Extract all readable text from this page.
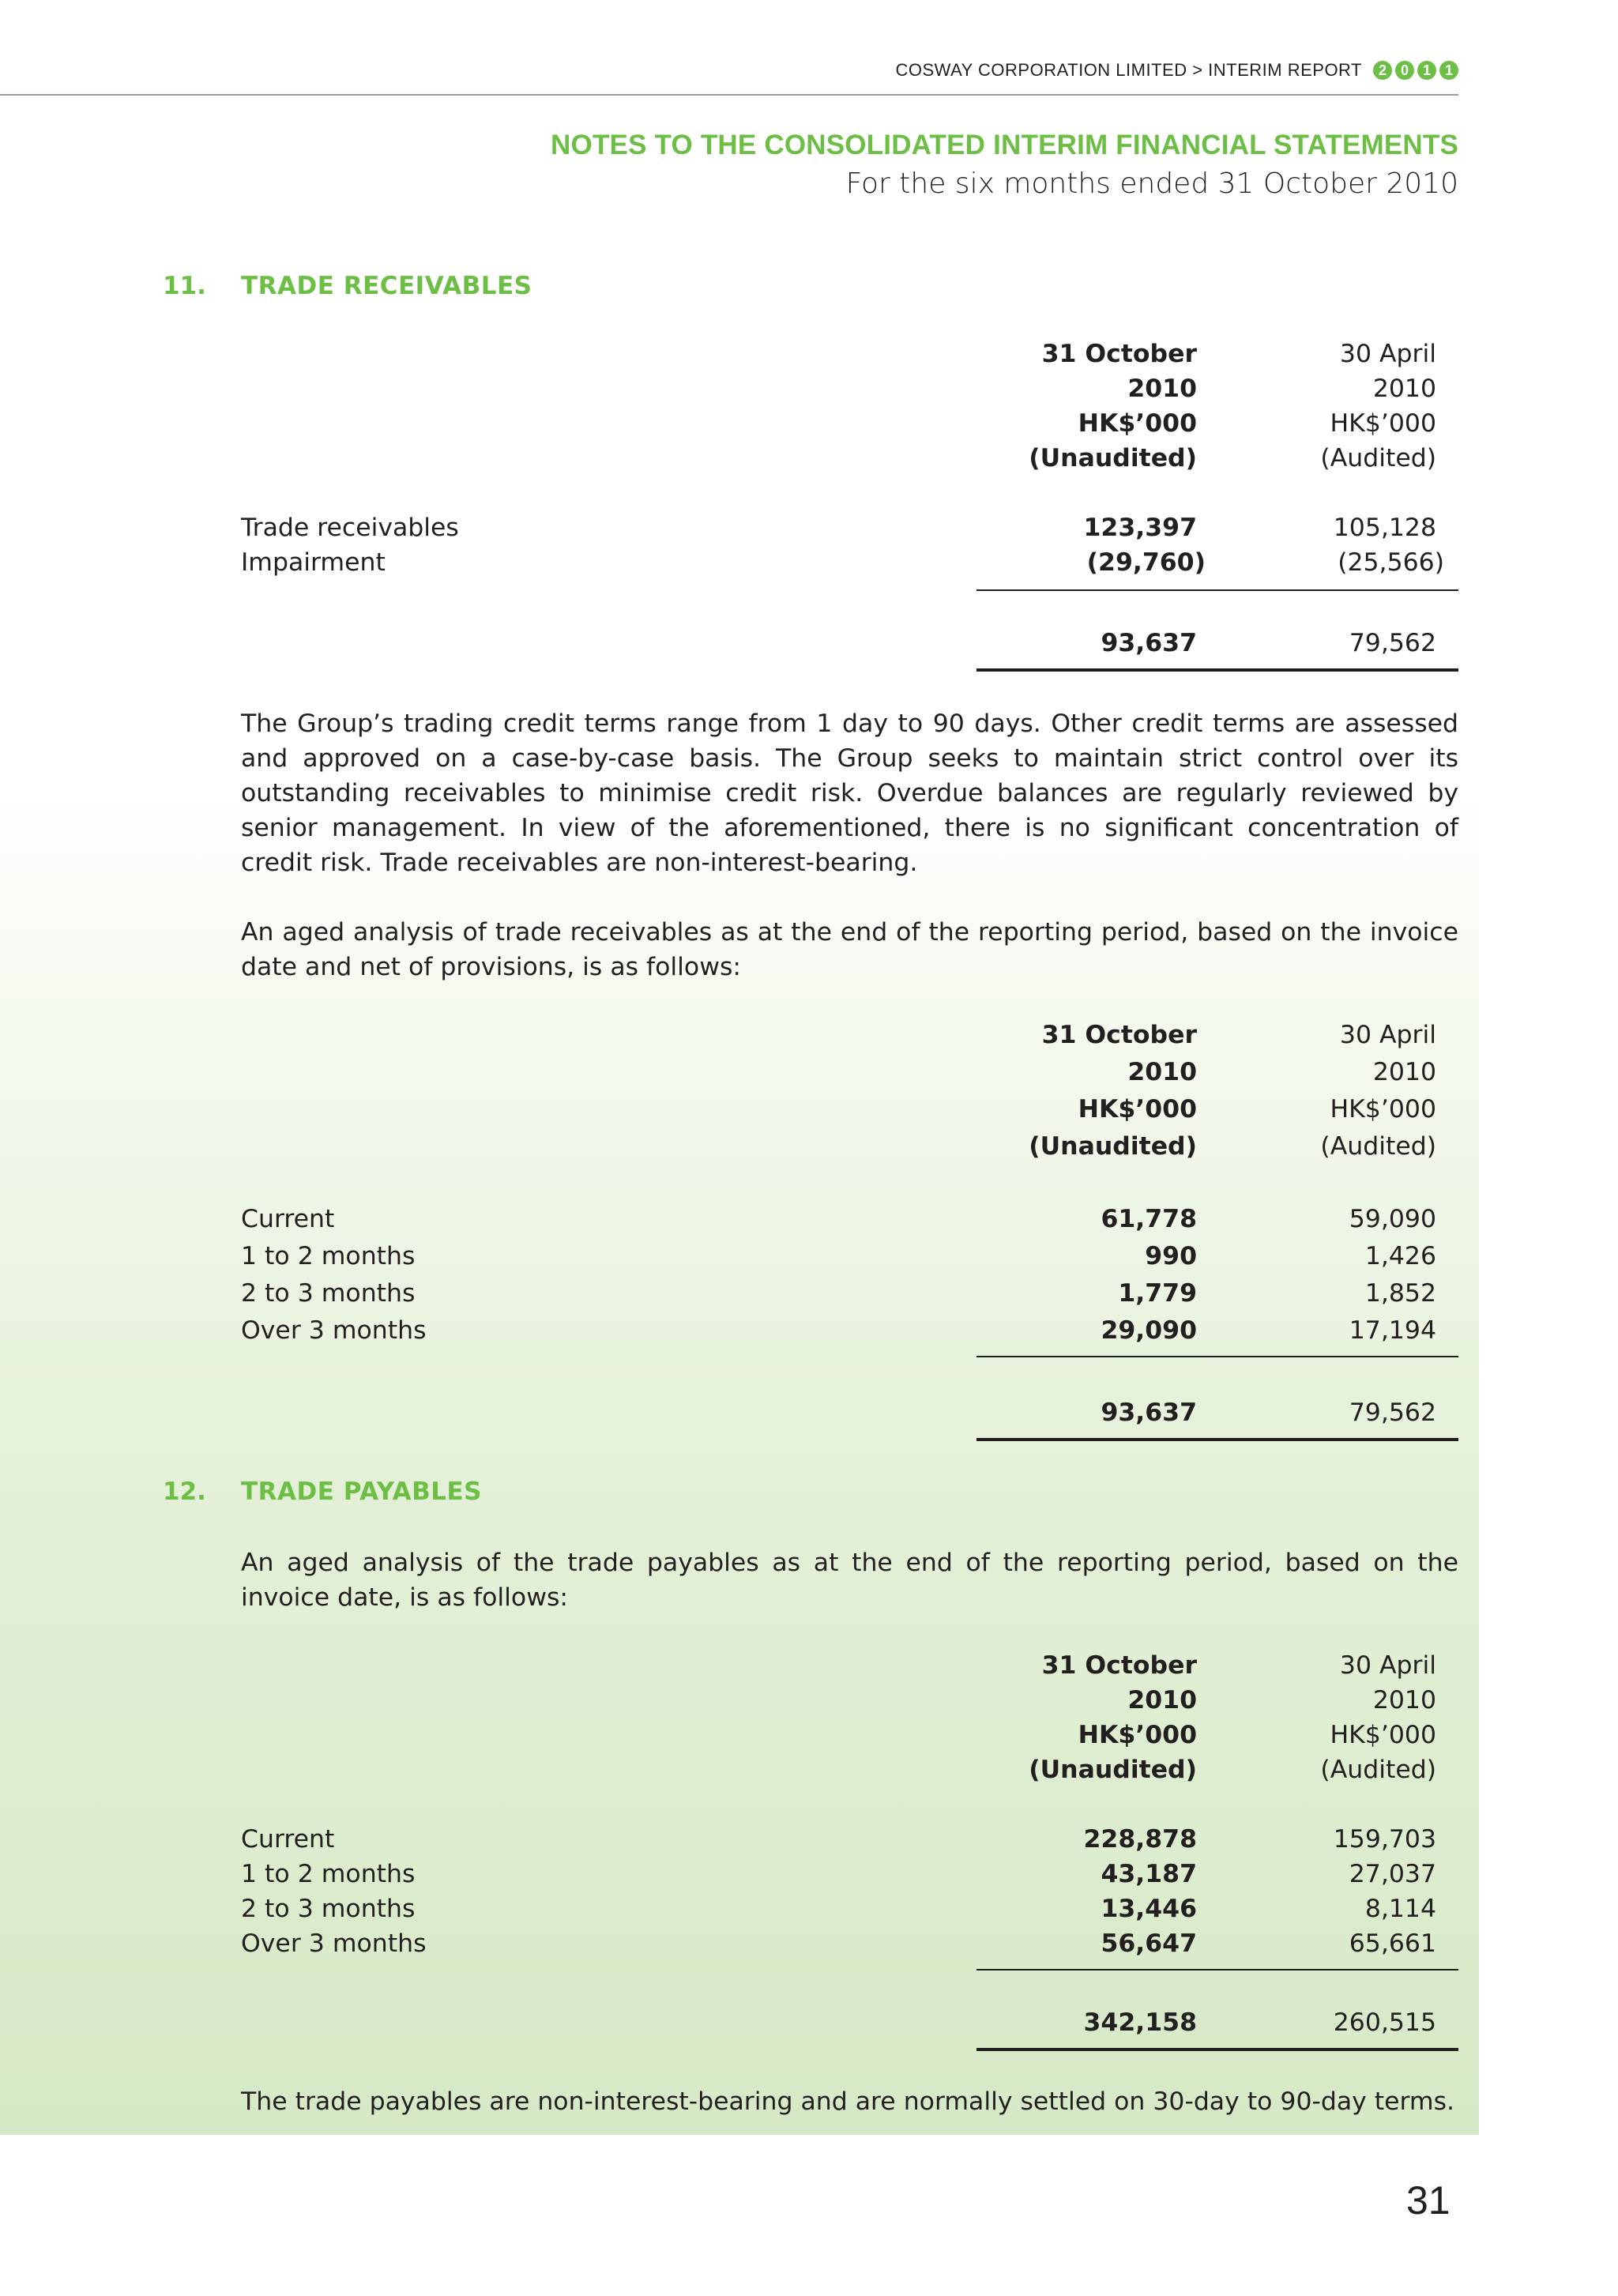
COSWAY CORPORATION LIMITED > INTERIM REPORT	2 0 1 1
NOTES TO THE CONSOLIDATED INTERIM FINANCIAL STATEMENTS
For the six months ended 31 October 2010
11. TRADE RECEIVABLES
31 October	30 April
2010	2010
HK$’000	HK$’000
(Unaudited)	(Audited)
Trade receivables	123,397	105,128
Impairment	(29,760)	(25,566)
93,637	79,562
The Group’s trading credit terms range from 1 day to 90 days. Other credit terms are assessed and approved on a case-by-case basis. The Group seeks to maintain strict control over its outstanding receivables to minimise credit risk. Overdue balances are regularly reviewed by senior management. In view of the aforementioned, there is no significant concentration of credit risk. Trade receivables are non-interest-bearing.
An aged analysis of trade receivables as at the end of the reporting period, based on the invoice date and net of provisions, is as follows:
31 October	30 April
2010	2010
HK$’000	HK$’000
(Unaudited)	(Audited)
Current	61,778	59,090
1 to 2 months	990	1,426
2 to 3 months	1,779	1,852
Over 3 months	29,090	17,194
93,637	79,562
12. TRADE PAYABLES
An aged analysis of the trade payables as at the end of the reporting period, based on the invoice date, is as follows:
31 October	30 April
2010	2010
HK$’000	HK$’000
(Unaudited)	(Audited)
Current	228,878	159,703
1 to 2 months	43,187	27,037
2 to 3 months	13,446	8,114
Over 3 months	56,647	65,661
342,158	260,515
The trade payables are non-interest-bearing and are normally settled on 30-day to 90-day terms.
31
